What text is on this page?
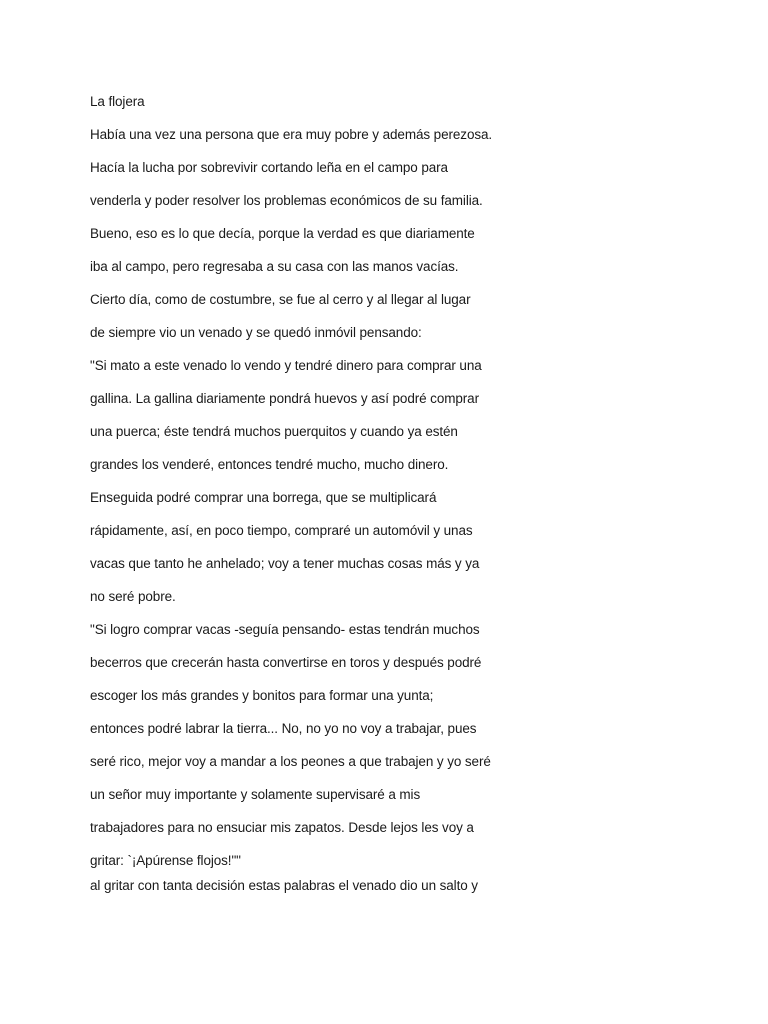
La flojera
Había una vez una persona que era muy pobre y además perezosa.
Hacía la lucha por sobrevivir cortando leña en el campo para
venderla y poder resolver los problemas económicos de su familia.
Bueno, eso es lo que decía, porque la verdad es que diariamente
iba al campo, pero regresaba a su casa con las manos vacías.
Cierto día, como de costumbre, se fue al cerro y al llegar al lugar
de siempre vio un venado y se quedó inmóvil pensando:
"Si mato a este venado lo vendo y tendré dinero para comprar una
gallina. La gallina diariamente pondrá huevos y así podré comprar
una puerca; éste tendrá muchos puerquitos y cuando ya estén
grandes los venderé, entonces tendré mucho, mucho dinero.
Enseguida podré comprar una borrega, que se multiplicará
rápidamente, así, en poco tiempo, compraré un automóvil y unas
vacas que tanto he anhelado; voy a tener muchas cosas más y ya
no seré pobre.
"Si logro comprar vacas -seguía pensando- estas tendrán muchos
becerros que crecerán hasta convertirse en toros y después podré
escoger los más grandes y bonitos para formar una yunta;
entonces podré labrar la tierra... No, no yo no voy a trabajar, pues
seré rico, mejor voy a mandar a los peones a que trabajen y yo seré
un señor muy importante y solamente supervisaré a mis
trabajadores para no ensuciar mis zapatos. Desde lejos les voy a
gritar: `¡Apúrense flojos!""
al gritar con tanta decisión estas palabras el venado dio un salto y
